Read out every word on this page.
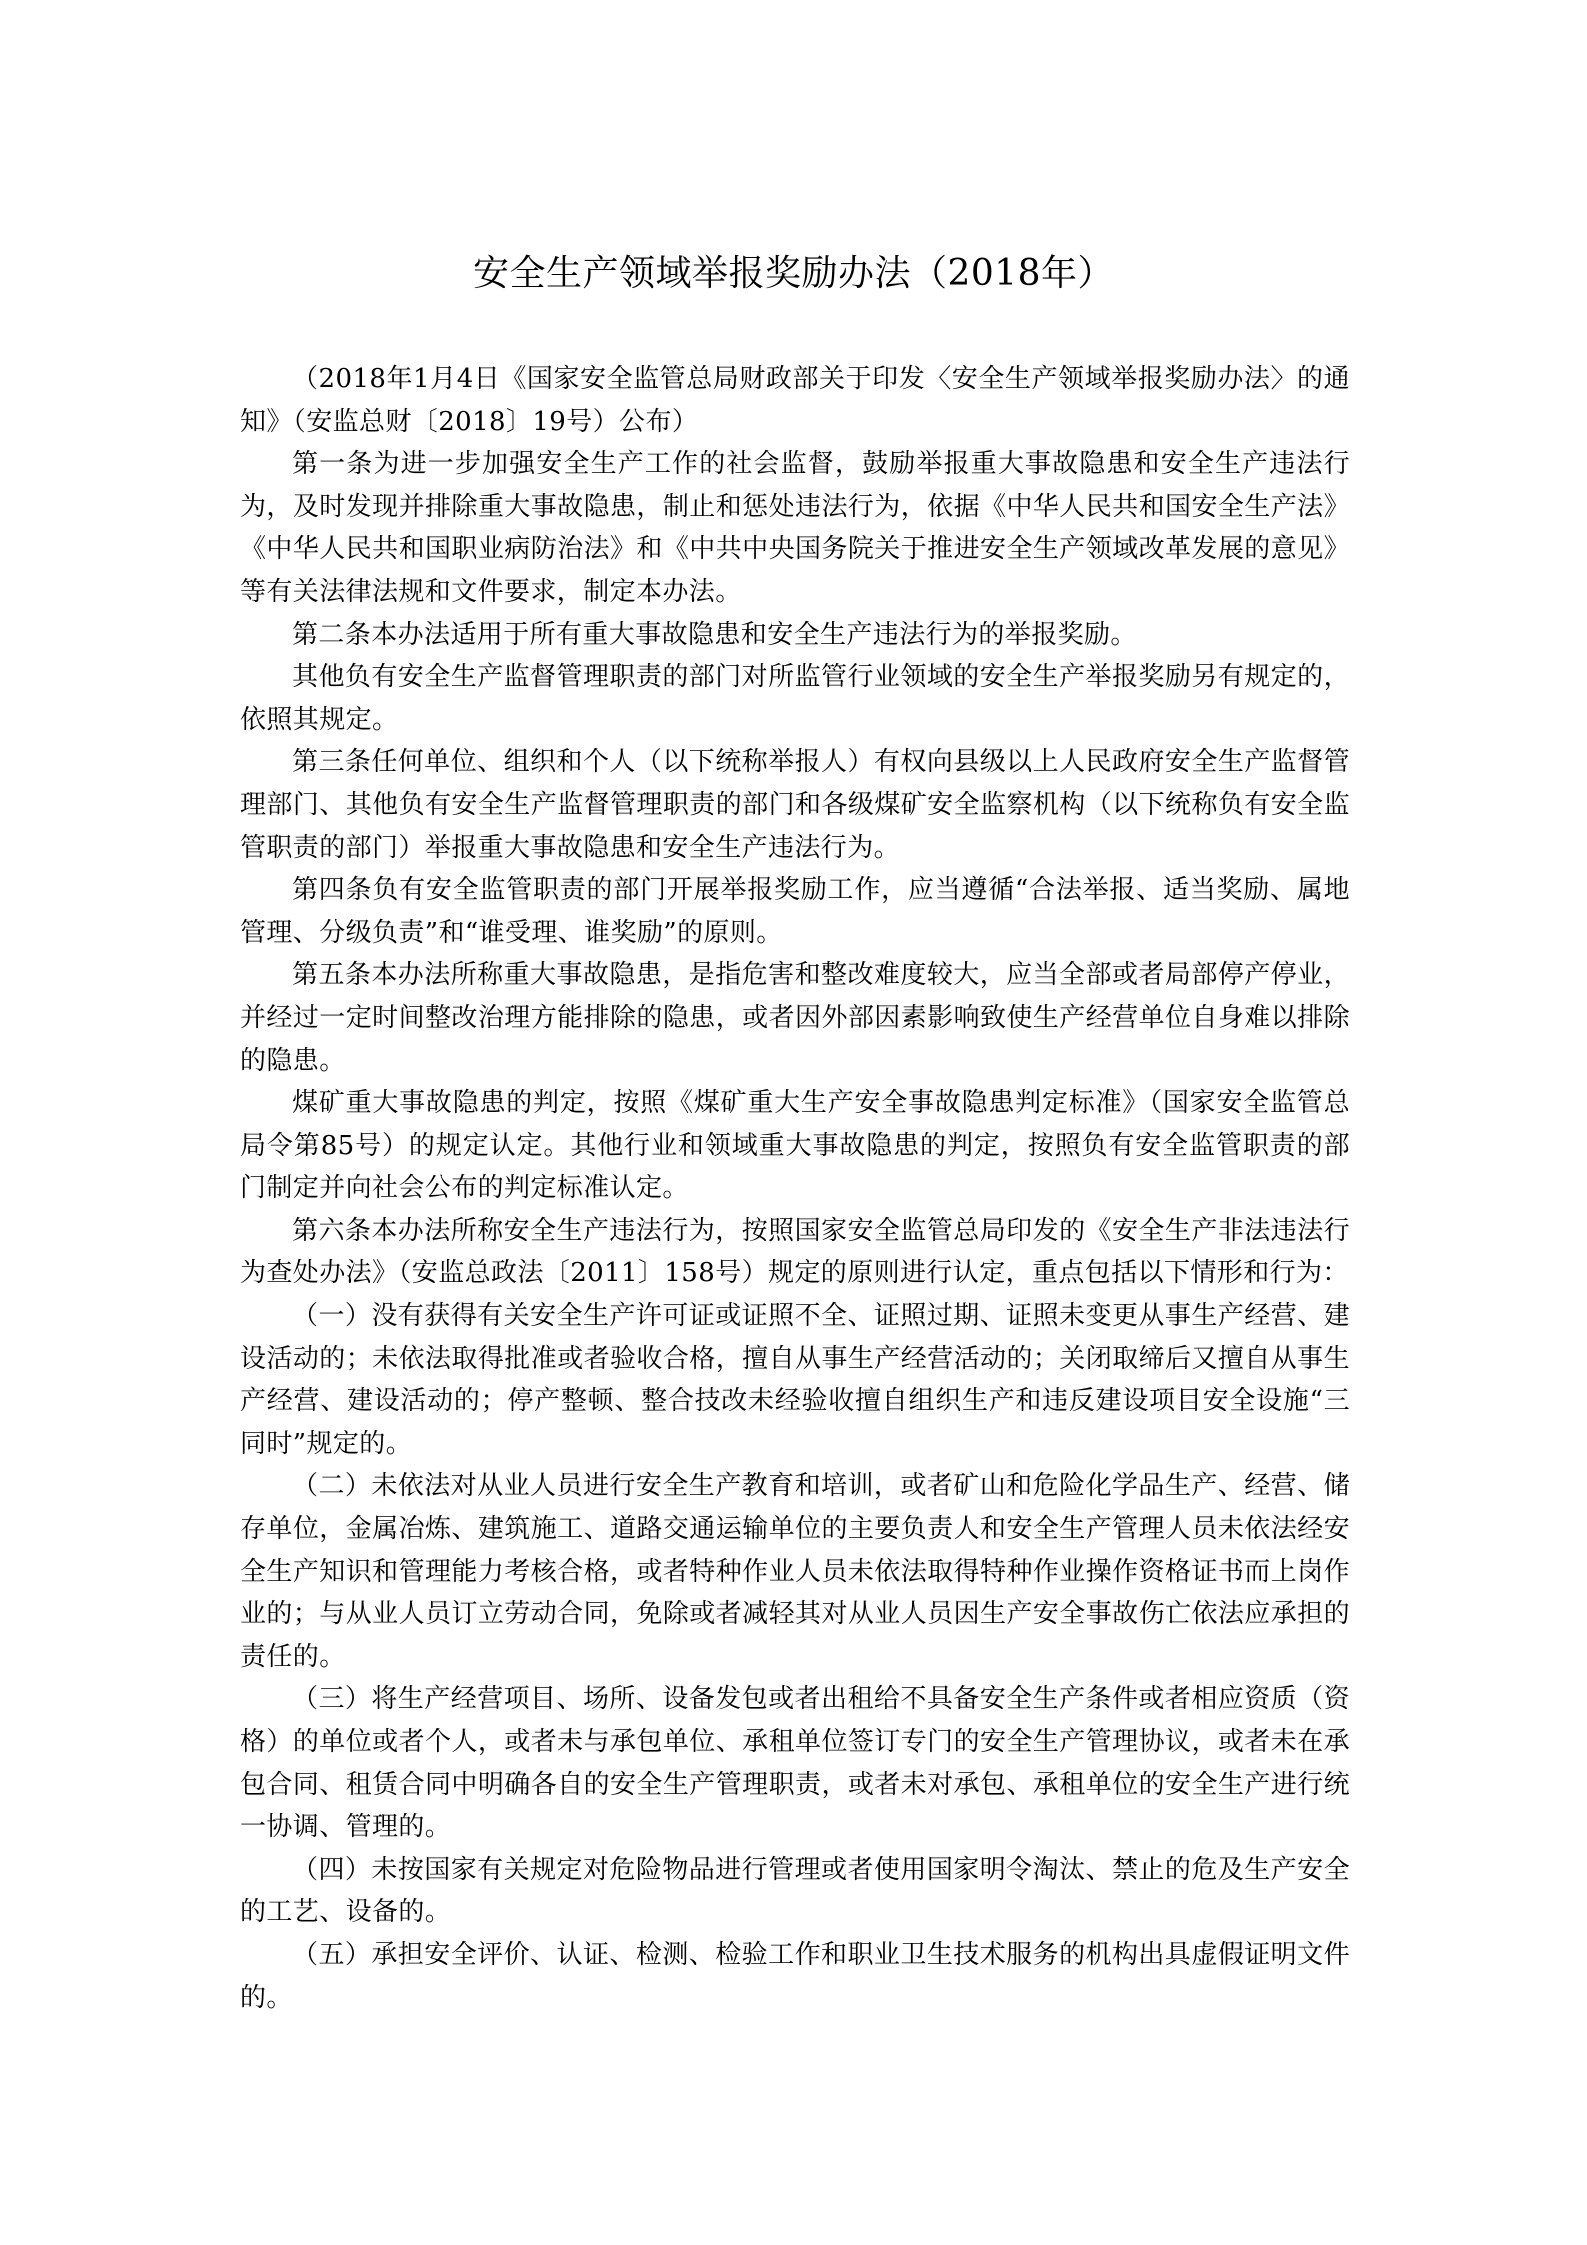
安全生产领域举报奖励办法（2018年）

（2018年1月4日《国家安全监管总局财政部关于印发〈安全生产领域举报奖励办法〉的通知》（安监总财〔2018〕19号）公布）

第一条为进一步加强安全生产工作的社会监督，鼓励举报重大事故隐患和安全生产违法行为，及时发现并排除重大事故隐患，制止和惩处违法行为，依据《中华人民共和国安全生产法》《中华人民共和国职业病防治法》和《中共中央国务院关于推进安全生产领域改革发展的意见》等有关法律法规和文件要求，制定本办法。

第二条本办法适用于所有重大事故隐患和安全生产违法行为的举报奖励。

其他负有安全生产监督管理职责的部门对所监管行业领域的安全生产举报奖励另有规定的，依照其规定。

第三条任何单位、组织和个人（以下统称举报人）有权向县级以上人民政府安全生产监督管理部门、其他负有安全生产监督管理职责的部门和各级煤矿安全监察机构（以下统称负有安全监管职责的部门）举报重大事故隐患和安全生产违法行为。

第四条负有安全监管职责的部门开展举报奖励工作，应当遵循“合法举报、适当奖励、属地管理、分级负责”和“谁受理、谁奖励”的原则。

第五条本办法所称重大事故隐患，是指危害和整改难度较大，应当全部或者局部停产停业，并经过一定时间整改治理方能排除的隐患，或者因外部因素影响致使生产经营单位自身难以排除的隐患。

煤矿重大事故隐患的判定，按照《煤矿重大生产安全事故隐患判定标准》（国家安全监管总局令第85号）的规定认定。其他行业和领域重大事故隐患的判定，按照负有安全监管职责的部门制定并向社会公布的判定标准认定。

第六条本办法所称安全生产违法行为，按照国家安全监管总局印发的《安全生产非法违法行为查处办法》（安监总政法〔2011〕158号）规定的原则进行认定，重点包括以下情形和行为：

（一）没有获得有关安全生产许可证或证照不全、证照过期、证照未变更从事生产经营、建设活动的；未依法取得批准或者验收合格，擅自从事生产经营活动的；关闭取缔后又擅自从事生产经营、建设活动的；停产整顿、整合技改未经验收擅自组织生产和违反建设项目安全设施“三同时”规定的。

（二）未依法对从业人员进行安全生产教育和培训，或者矿山和危险化学品生产、经营、储存单位，金属冶炼、建筑施工、道路交通运输单位的主要负责人和安全生产管理人员未依法经安全生产知识和管理能力考核合格，或者特种作业人员未依法取得特种作业操作资格证书而上岗作业的；与从业人员订立劳动合同，免除或者减轻其对从业人员因生产安全事故伤亡依法应承担的责任的。

（三）将生产经营项目、场所、设备发包或者出租给不具备安全生产条件或者相应资质（资格）的单位或者个人，或者未与承包单位、承租单位签订专门的安全生产管理协议，或者未在承包合同、租赁合同中明确各自的安全生产管理职责，或者未对承包、承租单位的安全生产进行统一协调、管理的。

（四）未按国家有关规定对危险物品进行管理或者使用国家明令淘汰、禁止的危及生产安全的工艺、设备的。

（五）承担安全评价、认证、检测、检验工作和职业卫生技术服务的机构出具虚假证明文件的。
